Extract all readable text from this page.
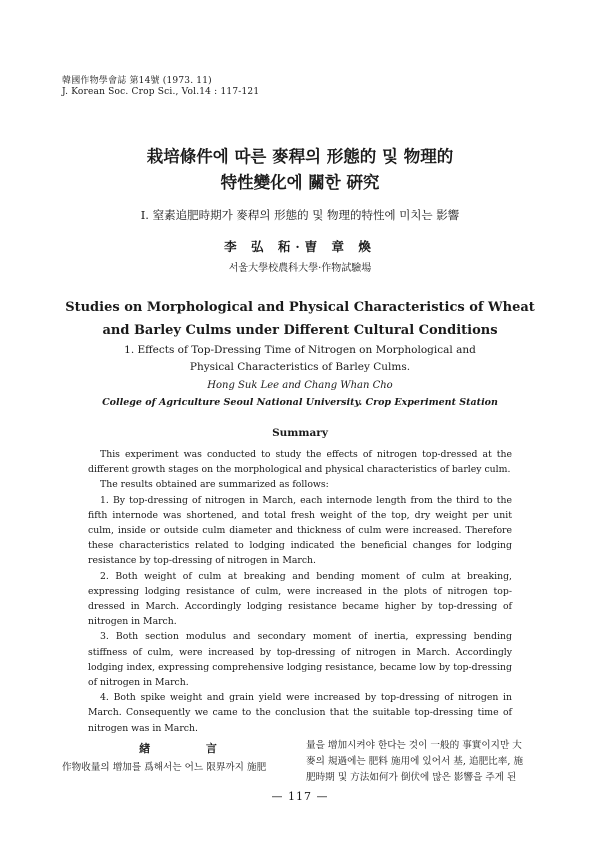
韓國作物學會誌 第14號 (1973. 11)
J. Korean Soc. Crop Sci., Vol.14 : 117-121
栽培條件에 따른 麥稈의 形態的 및 物理的
特性變化에 關한 硏究
Ⅰ. 窒素追肥時期가 麥稈의 形態的 및 物理的特性에 미치는 影響
李 弘 䄷·曺 章 煥
서울大學校農科大學·作物試驗場
Studies on Morphological and Physical Characteristics of Wheat
and Barley Culms under Different Cultural Conditions
1. Effects of Top-Dressing Time of Nitrogen on Morphological and
Physical Characteristics of Barley Culms.
Hong Suk Lee and Chang Whan Cho
College of Agriculture Seoul National University. Crop Experiment Station
Summary

This experiment was conducted to study the effects of nitrogen top-dressed at the different growth stages on the morphological and physical characteristics of barley culm.

The results obtained are summarized as follows:

1. By top-dressing of nitrogen in March, each internode length from the third to the fifth internode was shortened, and total fresh weight of the top, dry weight per unit culm, inside or outside culm diameter and thickness of culm were increased. Therefore these characteristics related to lodging indicated the beneficial changes for lodging resistance by top-dressing of nitrogen in March.

2. Both weight of culm at breaking and bending moment of culm at breaking, expressing lodging resistance of culm, were increased in the plots of nitrogen top-dressed in March. Accordingly lodging resistance became higher by top-dressing of nitrogen in March.

3. Both section modulus and secondary moment of inertia, expressing bending stiffness of culm, were increased by top-dressing of nitrogen in March. Accordingly lodging index, expressing comprehensive lodging resistance, became low by top-dressing of nitrogen in March.

4. Both spike weight and grain yield were increased by top-dressing of nitrogen in March. Consequently we came to the conclusion that the suitable top-dressing time of nitrogen was in March.

緖 言
作物收量의 增加를 爲해서는 어느 限界까지 施肥

量을 增加시켜야 한다는 것이 一般的 事實이지만 大

麥의 規過에는 肥料 施用에 있어서 基, 追肥比率, 施

肥時期 및 方法如何가 倒伏에 많은 影響을 주게 된

— 117 —
